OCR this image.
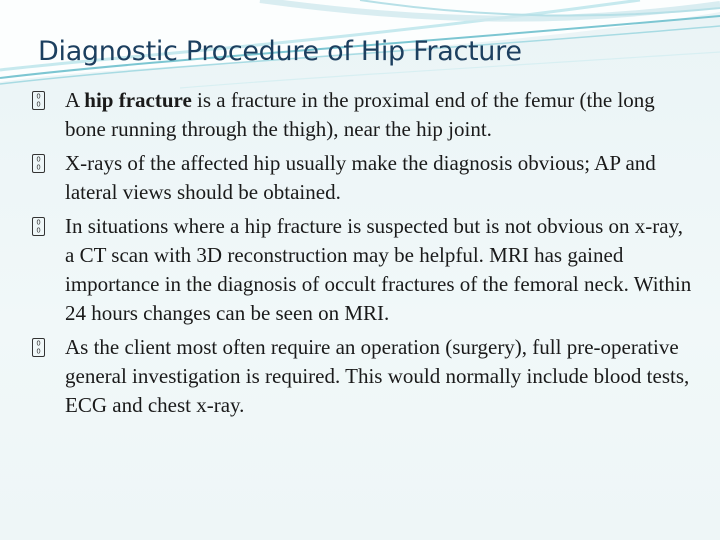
Diagnostic Procedure of Hip Fracture
0
0 A hip fracture is a fracture in the proximal end of the femur (the long bone running through the thigh), near the hip joint.
0
0 X-rays of the affected hip usually make the diagnosis obvious; AP and lateral views should be obtained.
0
0 In situations where a hip fracture is suspected but is not obvious on x-ray, a CT scan with 3D reconstruction may be helpful. MRI has gained importance in the diagnosis of occult fractures of the femoral neck. Within 24 hours changes can be seen on MRI.
0
0 As the client most often require an operation (surgery), full pre-operative general investigation is required. This would normally include blood tests, ECG and chest x-ray.
